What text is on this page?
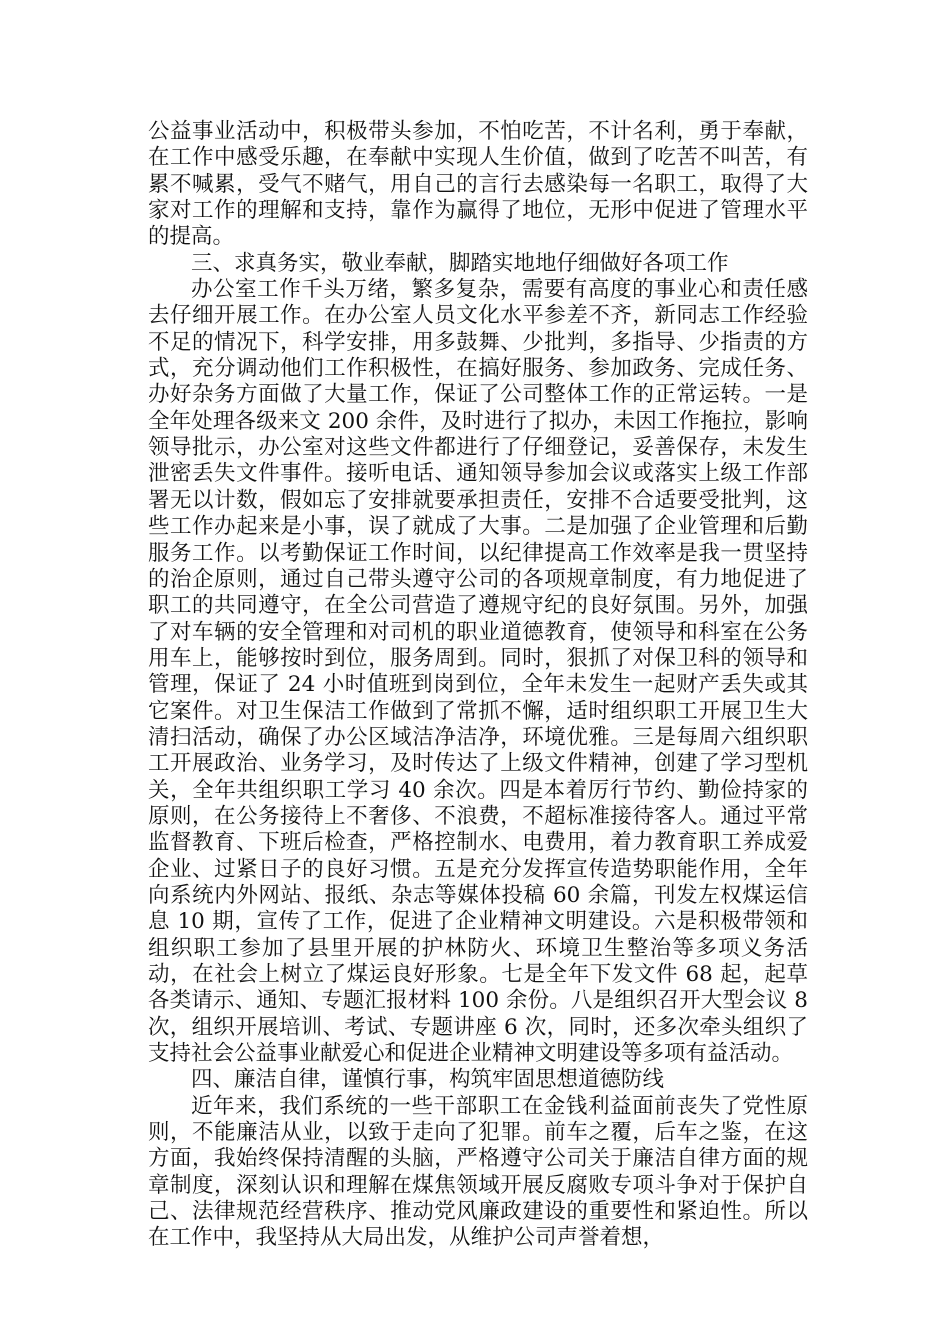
公益事业活动中，积极带头参加，不怕吃苦，不计名利，勇于奉献，在工作中感受乐趣，在奉献中实现人生价值，做到了吃苦不叫苦，有累不喊累，受气不赌气，用自己的言行去感染每一名职工，取得了大家对工作的理解和支持，靠作为赢得了地位，无形中促进了管理水平的提高。

三、求真务实，敬业奉献，脚踏实地地仔细做好各项工作

办公室工作千头万绪，繁多复杂，需要有高度的事业心和责任感去仔细开展工作。在办公室人员文化水平参差不齐，新同志工作经验不足的情况下，科学安排，用多鼓舞、少批判，多指导、少指责的方式，充分调动他们工作积极性，在搞好服务、参加政务、完成任务、办好杂务方面做了大量工作，保证了公司整体工作的正常运转。一是全年处理各级来文 200 余件，及时进行了拟办，未因工作拖拉，影响领导批示，办公室对这些文件都进行了仔细登记，妥善保存，未发生泄密丢失文件事件。接听电话、通知领导参加会议或落实上级工作部署无以计数，假如忘了安排就要承担责任，安排不合适要受批判，这些工作办起来是小事，误了就成了大事。二是加强了企业管理和后勤服务工作。以考勤保证工作时间，以纪律提高工作效率是我一贯坚持的治企原则，通过自己带头遵守公司的各项规章制度，有力地促进了职工的共同遵守，在全公司营造了遵规守纪的良好氛围。另外，加强了对车辆的安全管理和对司机的职业道德教育，使领导和科室在公务用车上，能够按时到位，服务周到。同时，狠抓了对保卫科的领导和管理，保证了 24 小时值班到岗到位，全年未发生一起财产丢失或其它案件。对卫生保洁工作做到了常抓不懈，适时组织职工开展卫生大清扫活动，确保了办公区域洁净洁净，环境优雅。三是每周六组织职工开展政治、业务学习，及时传达了上级文件精神，创建了学习型机关，全年共组织职工学习 40 余次。四是本着厉行节约、勤俭持家的原则，在公务接待上不奢侈、不浪费，不超标准接待客人。通过平常监督教育、下班后检查，严格控制水、电费用，着力教育职工养成爱企业、过紧日子的良好习惯。五是充分发挥宣传造势职能作用，全年向系统内外网站、报纸、杂志等媒体投稿 60 余篇，刊发左权煤运信息 10 期，宣传了工作，促进了企业精神文明建设。六是积极带领和组织职工参加了县里开展的护林防火、环境卫生整治等多项义务活动，在社会上树立了煤运良好形象。七是全年下发文件 68 起，起草各类请示、通知、专题汇报材料 100 余份。八是组织召开大型会议 8 次，组织开展培训、考试、专题讲座 6 次，同时，还多次牵头组织了支持社会公益事业献爱心和促进企业精神文明建设等多项有益活动。

四、廉洁自律，谨慎行事，构筑牢固思想道德防线

近年来，我们系统的一些干部职工在金钱利益面前丧失了党性原则，不能廉洁从业，以致于走向了犯罪。前车之覆，后车之鉴，在这方面，我始终保持清醒的头脑，严格遵守公司关于廉洁自律方面的规章制度，深刻认识和理解在煤焦领域开展反腐败专项斗争对于保护自己、法律规范经营秩序、推动党风廉政建设的重要性和紧迫性。所以在工作中，我坚持从大局出发，从维护公司声誉着想，
